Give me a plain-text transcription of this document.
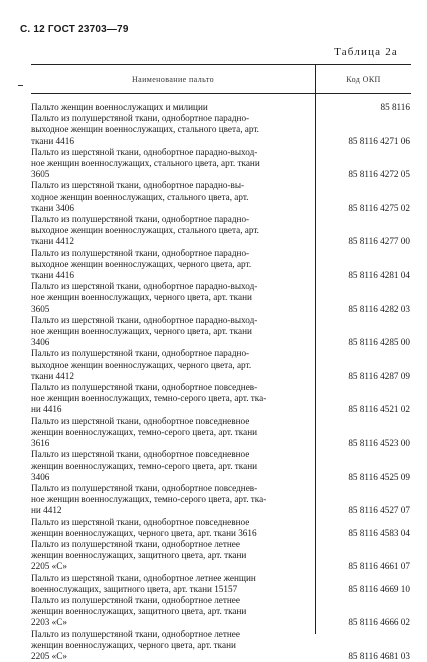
С. 12 ГОСТ 23703—79
Таблица 2а
Наименование пальто	Код ОКП
Пальто женщин военнослужащих и милиции	85 8116
Пальто из полушерстяной ткани, однобортное парадно-
выходное женщин военнослужащих, стального цвета, арт.
ткани 4416	85 8116 4271 06
Пальто из шерстяной ткани, однобортное парадно-выход-
ное женщин военнослужащих, стального цвета, арт. ткани
3605	85 8116 4272 05
Пальто из шерстяной ткани, однобортное парадно-вы-
ходное женщин военнослужащих, стального цвета, арт.
ткани 3406	85 8116 4275 02
Пальто из полушерстяной ткани, однобортное парадно-
выходное женщин военнослужащих, стального цвета, арт.
ткани 4412	85 8116 4277 00
Пальто из полушерстяной ткани, однобортное парадно-
выходное женщин военнослужащих, черного цвета, арт.
ткани 4416	85 8116 4281 04
Пальто из шерстяной ткани, однобортное парадно-выход-
ное женщин военнослужащих, черного цвета, арт. ткани
3605	85 8116 4282 03
Пальто из шерстяной ткани, однобортное парадно-выход-
ное женщин военнослужащих, черного цвета, арт. ткани
3406	85 8116 4285 00
Пальто из полушерстяной ткани, однобортное парадно-
выходное женщин военнослужащих, черного цвета, арт.
ткани 4412	85 8116 4287 09
Пальто из полушерстяной ткани, однобортное повседнев-
ное женщин военнослужащих, темно-серого цвета, арт. тка-
ни 4416	85 8116 4521 02
Пальто из шерстяной ткани, однобортное повседневное
женщин военнослужащих, темно-серого цвета, арт. ткани
3616	85 8116 4523 00
Пальто из шерстяной ткани, однобортное повседневное
женщин военнослужащих, темно-серого цвета, арт. ткани
3406	85 8116 4525 09
Пальто из полушерстяной ткани, однобортное повседнев-
ное женщин военнослужащих, темно-серого цвета, арт. тка-
ни 4412	85 8116 4527 07
Пальто из шерстяной ткани, однобортное повседневное
женщин военнослужащих, черного цвета, арт. ткани 3616	85 8116 4583 04
Пальто из полушерстяной ткани, однобортное летнее
женщин военнослужащих, защитного цвета, арт. ткани
2205 «С»	85 8116 4661 07
Пальто из шерстяной ткани, однобортное летнее женщин
военнослужащих, защитного цвета, арт. ткани 15157	85 8116 4669 10
Пальто из полушерстяной ткани, однобортное летнее
женщин военнослужащих, защитного цвета, арт. ткани
2203 «С»	85 8116 4666 02
Пальто из полушерстяной ткани, однобортное летнее
женщин военнослужащих, черного цвета, арт. ткани
2205 «С»	85 8116 4681 03
